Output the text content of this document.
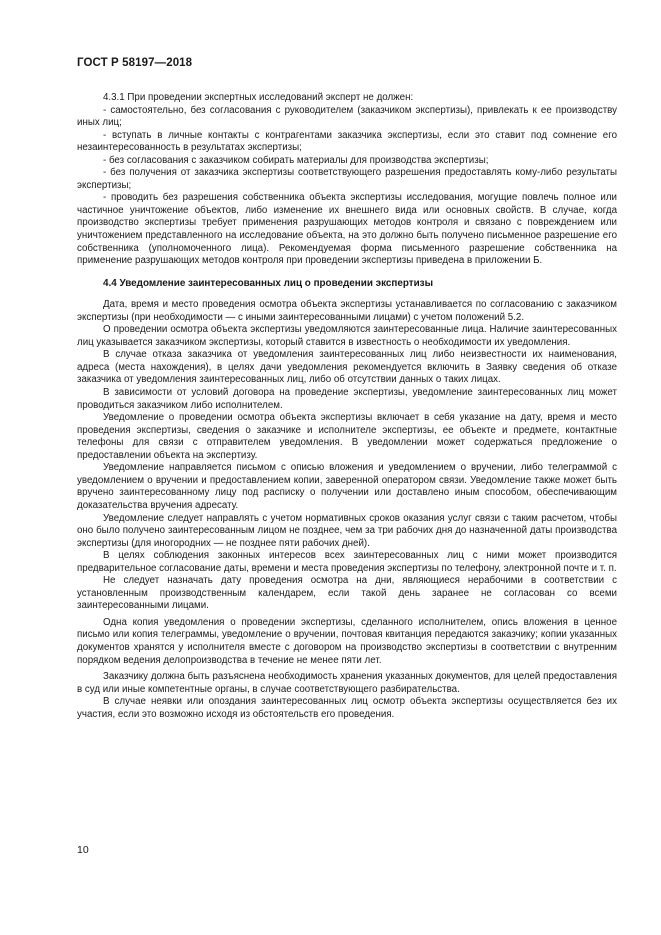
ГОСТ Р 58197—2018

4.3.1 При проведении экспертных исследований эксперт не должен:

- самостоятельно, без согласования с руководителем (заказчиком экспертизы), привлекать к ее производству иных лиц;

- вступать в личные контакты с контрагентами заказчика экспертизы, если это ставит под сомнение его незаинтересованность в результатах экспертизы;

- без согласования с заказчиком собирать материалы для производства экспертизы;

- без получения от заказчика экспертизы соответствующего разрешения предоставлять кому-либо результаты экспертизы;

- проводить без разрешения собственника объекта экспертизы исследования, могущие повлечь полное или частичное уничтожение объектов, либо изменение их внешнего вида или основных свойств. В случае, когда производство экспертизы требует применения разрушающих методов контроля и связано с повреждением или уничтожением представленного на исследование объекта, на это должно быть получено письменное разрешение его собственника (уполномоченного лица). Рекомендуемая форма письменного разрешение собственника на применение разрушающих методов контроля при проведении экспертизы приведена в приложении Б.

4.4 Уведомление заинтересованных лиц о проведении экспертизы

Дата, время и место проведения осмотра объекта экспертизы устанавливается по согласованию с заказчиком экспертизы (при необходимости — с иными заинтересованными лицами) с учетом положений 5.2.

О проведении осмотра объекта экспертизы уведомляются заинтересованные лица. Наличие заинтересованных лиц указывается заказчиком экспертизы, который ставится в известность о необходимости их уведомления.

В случае отказа заказчика от уведомления заинтересованных лиц либо неизвестности их наименования, адреса (места нахождения), в целях дачи уведомления рекомендуется включить в Заявку сведения об отказе заказчика от уведомления заинтересованных лиц, либо об отсутствии данных о таких лицах.

В зависимости от условий договора на проведение экспертизы, уведомление заинтересованных лиц может проводиться заказчиком либо исполнителем.

Уведомление о проведении осмотра объекта экспертизы включает в себя указание на дату, время и место проведения экспертизы, сведения о заказчике и исполнителе экспертизы, ее объекте и предмете, контактные телефоны для связи с отправителем уведомления. В уведомлении может содержаться предложение о предоставлении объекта на экспертизу.

Уведомление направляется письмом с описью вложения и уведомлением о вручении, либо телеграммой с уведомлением о вручении и предоставлением копии, заверенной оператором связи. Уведомление также может быть вручено заинтересованному лицу под расписку о получении или доставлено иным способом, обеспечивающим доказательства вручения адресату.

Уведомление следует направлять с учетом нормативных сроков оказания услуг связи с таким расчетом, чтобы оно было получено заинтересованным лицом не позднее, чем за три рабочих дня до назначенной даты производства экспертизы (для иногородних — не позднее пяти рабочих дней).

В целях соблюдения законных интересов всех заинтересованных лиц с ними может производится предварительное согласование даты, времени и места проведения экспертизы по телефону, электронной почте и т. п.

Не следует назначать дату проведения осмотра на дни, являющиеся нерабочими в соответствии с установленным производственным календарем, если такой день заранее не согласован со всеми заинтересованными лицами.

Одна копия уведомления о проведении экспертизы, сделанного исполнителем, опись вложения в ценное письмо или копия телеграммы, уведомление о вручении, почтовая квитанция передаются заказчику; копии указанных документов хранятся у исполнителя вместе с договором на производство экспертизы в соответствии с внутренним порядком ведения делопроизводства в течение не менее пяти лет.

Заказчику должна быть разъяснена необходимость хранения указанных документов, для целей предоставления в суд или иные компетентные органы, в случае соответствующего разбирательства.

В случае неявки или опоздания заинтересованных лиц осмотр объекта экспертизы осуществляется без их участия, если это возможно исходя из обстоятельств его проведения.

10
